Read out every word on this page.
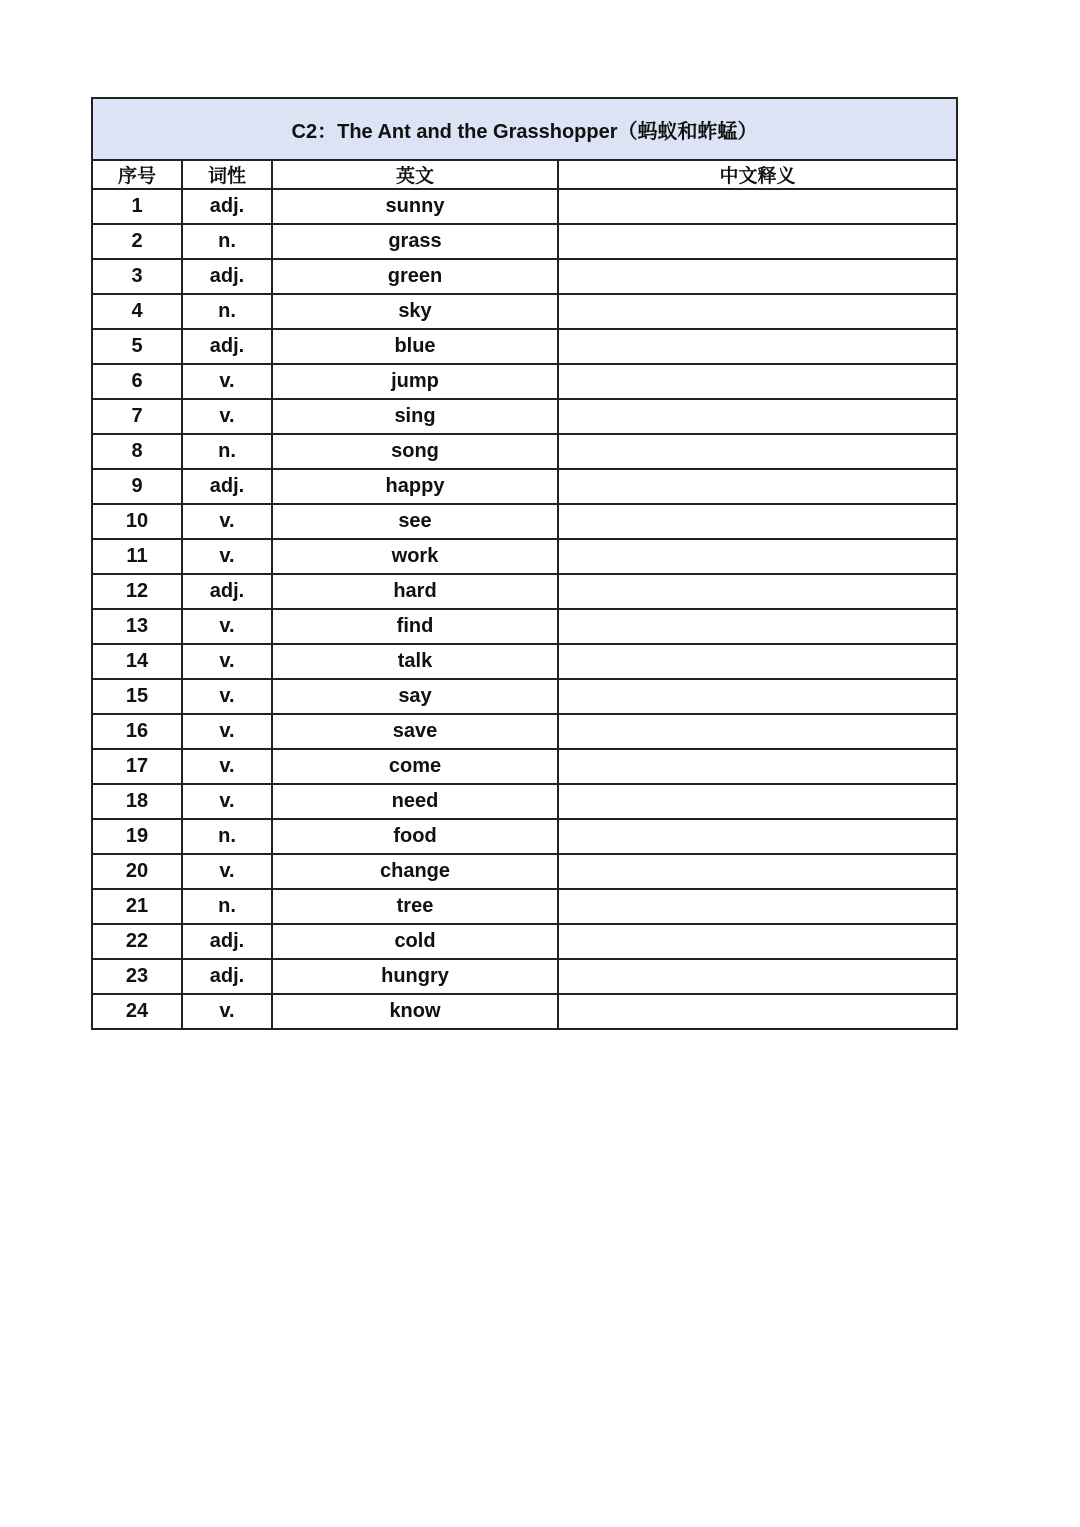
C2：The Ant and the Grasshopper（蚂蚁和蚱蜢）			
序号	词性	英文	中文释义
1	adj.	sunny	
2	n.	grass	
3	adj.	green	
4	n.	sky	
5	adj.	blue	
6	v.	jump	
7	v.	sing	
8	n.	song	
9	adj.	happy	
10	v.	see	
11	v.	work	
12	adj.	hard	
13	v.	find	
14	v.	talk	
15	v.	say	
16	v.	save	
17	v.	come	
18	v.	need	
19	n.	food	
20	v.	change	
21	n.	tree	
22	adj.	cold	
23	adj.	hungry	
24	v.	know	
